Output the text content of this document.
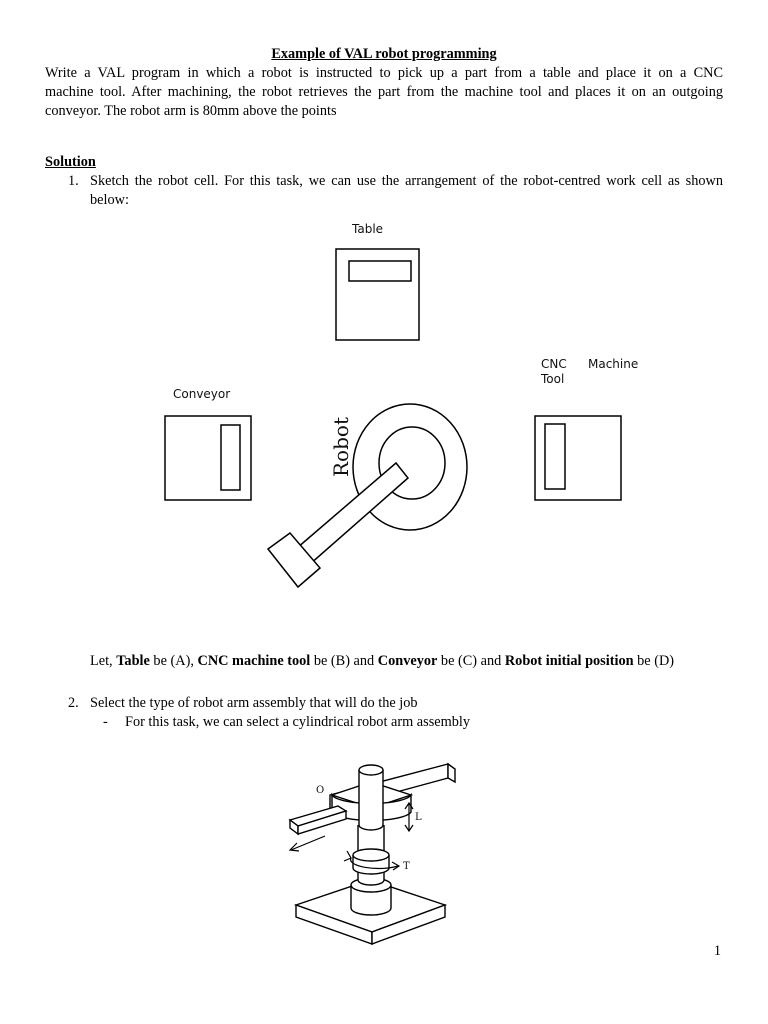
Example of VAL robot programming
Write a VAL program in which a robot is instructed to pick up a part from a table and place it on a CNC
machine tool. After machining, the robot retrieves the part from the machine tool and places it on an outgoing
conveyor. The robot arm is 80mm above the points
Solution
1. Sketch the robot cell. For this task, we can use the arrangement of the robot-centred work cell as shown
below:
Table
CNC Machine
Tool
Conveyor
Robot
Let, Table be (A), CNC machine tool be (B) and Conveyor be (C) and Robot initial position be (D)
2. Select the type of robot arm assembly that will do the job
- For this task, we can select a cylindrical robot arm assembly
O
L
T
1
